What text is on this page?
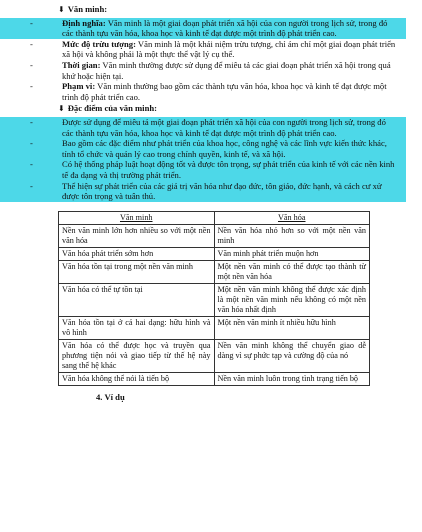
⬇ Văn minh:
-	Định nghĩa: Văn minh là một giai đoạn phát triển xã hội của con người trong lịch sử, trong đó các thành tựu văn hóa, khoa học và kinh tế đạt được một trình độ phát triển cao.
-	Mức độ trừu tượng: Văn minh là một khái niệm trừu tượng, chỉ ám chỉ một giai đoạn phát triển xã hội và không phải là một thực thể vật lý cụ thể.
-	Thời gian: Văn minh thường được sử dụng để miêu tả các giai đoạn phát triển xã hội trong quá khứ hoặc hiện tại.
-	Phạm vi: Văn minh thường bao gồm các thành tựu văn hóa, khoa học và kinh tế đạt được một trình độ phát triển cao.
⬇ Đặc điểm của văn minh:
-	Được sử dụng để miêu tả một giai đoạn phát triển xã hội của con người trong lịch sử, trong đó các thành tựu văn hóa, khoa học và kinh tế đạt được một trình độ phát triển cao.
-	Bao gồm các đặc điểm như phát triển của khoa học, công nghệ và các lĩnh vực kiến thức khác, tính tổ chức và quản lý cao trong chính quyền, kinh tế, và xã hội.
-	Có hệ thống pháp luật hoạt động tốt và được tôn trọng, sự phát triển của kinh tế với các nền kinh tế đa dạng và thị trường phát triển.
-	Thể hiện sự phát triển của các giá trị văn hóa như đạo đức, tôn giáo, đức hạnh, và cách cư xử được tôn trọng và tuân thủ.
Văn minh	Văn hóa
Nền văn minh lớn hơn nhiều so với một nền văn hóa	Nền văn hóa nhỏ hơn so với một nền văn minh
Văn hóa phát triển sớm hơn	Văn minh phát triển muộn hơn
Văn hóa tồn tại trong một nền văn minh	Một nền văn minh có thể được tạo thành từ một nền văn hóa
Văn hóa có thể tự tồn tại	Một nền văn minh không thể được xác định là một nền văn minh nếu không có một nền văn hóa nhất định
Văn hóa tồn tại ở cả hai dạng: hữu hình và vô hình	Một nền văn minh ít nhiều hữu hình
Văn hóa có thể được học và truyền qua phương tiện nói và giao tiếp từ thế hệ này sang thế hệ khác	Nền văn minh không thể chuyển giao dễ dàng vì sự phức tạp và cường độ của nó
Văn hóa không thể nói là tiến bộ	Nền văn minh luôn trong tình trạng tiến bộ
4. Ví dụ
